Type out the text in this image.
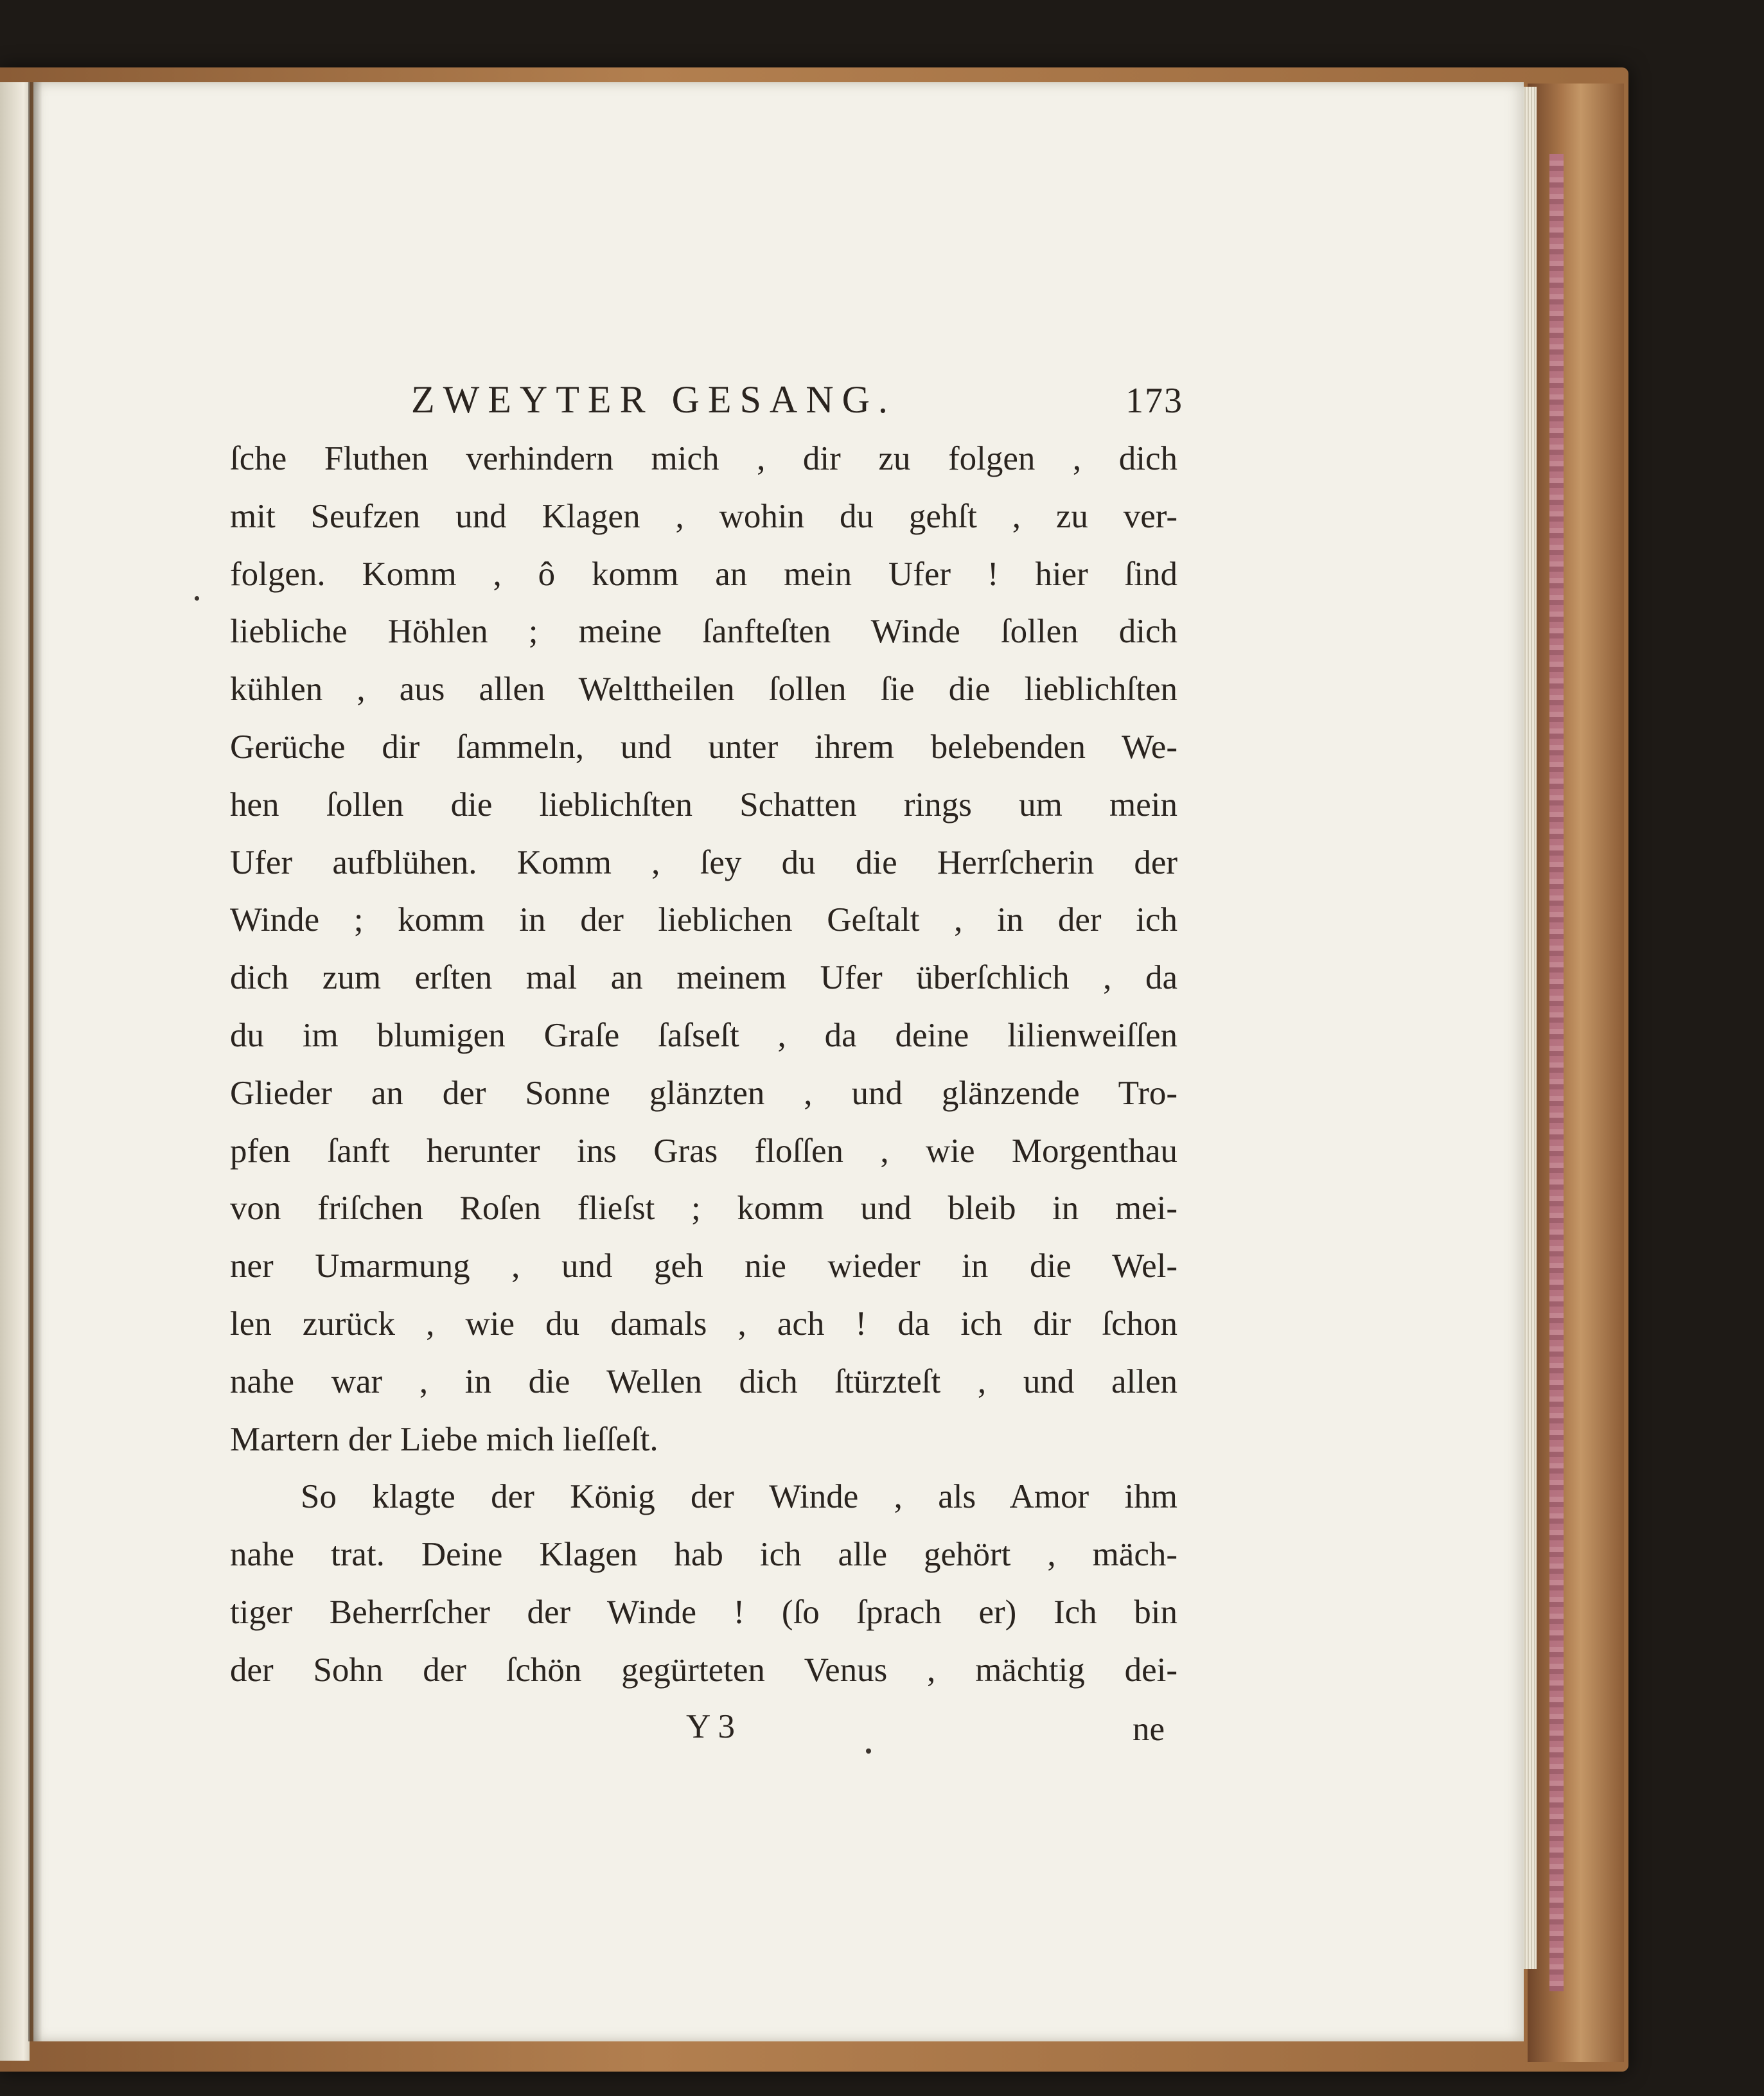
ZWEYTER GESANG.	173
ſche Fluthen verhindern mich , dir zu folgen , dich
mit Seufzen und Klagen , wohin du gehſt , zu ver-
folgen. Komm , ô komm an mein Ufer ! hier ſind
liebliche Höhlen ; meine ſanfteſten Winde ſollen dich
kühlen , aus allen Welttheilen ſollen ſie die lieblichſten
Gerüche dir ſammeln, und unter ihrem belebenden We-
hen ſollen die lieblichſten Schatten rings um mein
Ufer aufblühen. Komm , ſey du die Herrſcherin der
Winde ; komm in der lieblichen Geſtalt , in der ich
dich zum erſten mal an meinem Ufer überſchlich , da
du im blumigen Graſe ſaſseſt , da deine lilienweiſſen
Glieder an der Sonne glänzten , und glänzende Tro-
pfen ſanft herunter ins Gras floſſen , wie Morgenthau
von friſchen Roſen flieſst ; komm und bleib in mei-
ner Umarmung , und geh nie wieder in die Wel-
len zurück , wie du damals , ach ! da ich dir ſchon
nahe war , in die Wellen dich ſtürzteſt , und allen
Martern der Liebe mich lieſſeſt.
So klagte der König der Winde , als Amor ihm
nahe trat. Deine Klagen hab ich alle gehört , mäch-
tiger Beherrſcher der Winde ! (ſo ſprach er) Ich bin
der Sohn der ſchön gegürteten Venus , mächtig dei-
Y 3	ne
